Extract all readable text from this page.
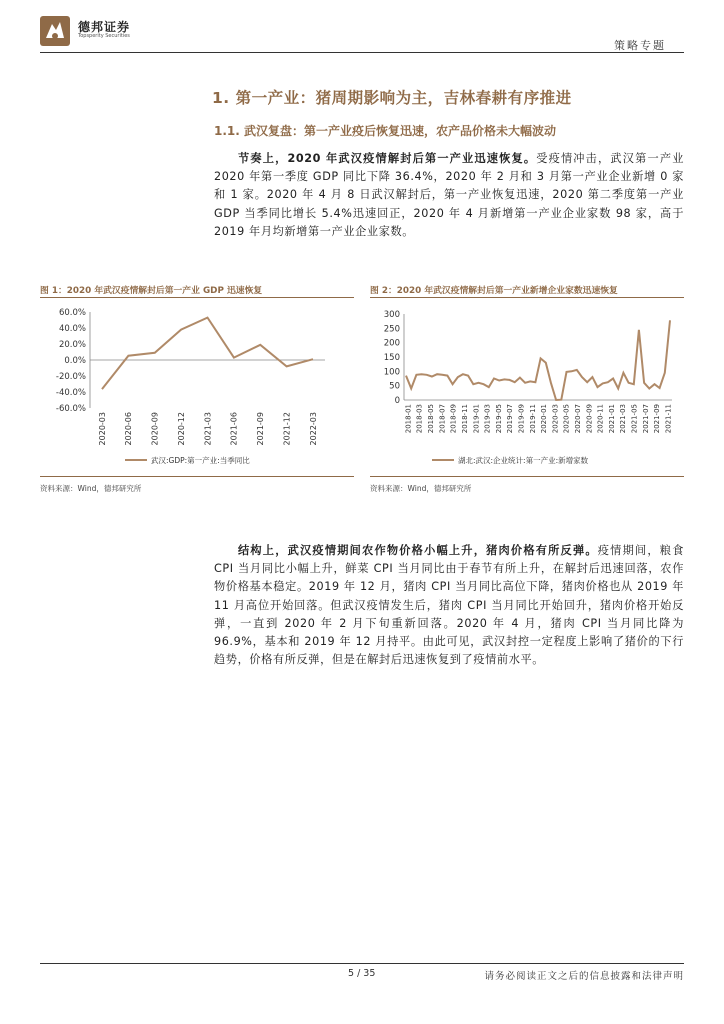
德邦证券
Topsperity Securities
策略专题
1. 第一产业：猪周期影响为主，吉林春耕有序推进
1.1. 武汉复盘：第一产业疫后恢复迅速，农产品价格未大幅波动
节奏上，2020 年武汉疫情解封后第一产业迅速恢复。受疫情冲击，武汉第一产业 2020 年第一季度 GDP 同比下降 36.4%，2020 年 2 月和 3 月第一产业企业新增 0 家和 1 家。2020 年 4 月 8 日武汉解封后，第一产业恢复迅速，2020 第二季度第一产业 GDP 当季同比增长 5.4%迅速回正，2020 年 4 月新增第一产业企业家数 98 家，高于 2019 年月均新增第一产业企业家数。
图 1：2020 年武汉疫情解封后第一产业 GDP 迅速恢复
60.0%
40.0%
20.0%
0.0%
-20.0%
-40.0%
-60.0%
2020-03 2020-06 2020-09 2020-12 2021-03 2021-06 2021-09 2021-12 2022-03
武汉:GDP:第一产业:当季同比
资料来源：Wind，德邦研究所
图 2：2020 年武汉疫情解封后第一产业新增企业家数迅速恢复
300
250
200
150
100
50
0
2018-01 2018-03 2018-05 2018-07 2018-09 2018-11 2019-01 2019-03 2019-05 2019-07 2019-09 2019-11 2020-01 2020-03 2020-05 2020-07 2020-09 2020-11 2021-01 2021-03 2021-05 2021-07 2021-09 2021-11
湖北:武汉:企业统计:第一产业:新增家数
资料来源：Wind，德邦研究所
结构上，武汉疫情期间农作物价格小幅上升，猪肉价格有所反弹。疫情期间，粮食 CPI 当月同比小幅上升，鲜菜 CPI 当月同比由于春节有所上升，在解封后迅速回落，农作物价格基本稳定。2019 年 12 月，猪肉 CPI 当月同比高位下降，猪肉价格也从 2019 年 11 月高位开始回落。但武汉疫情发生后，猪肉 CPI 当月同比开始回升，猪肉价格开始反弹，一直到 2020 年 2 月下旬重新回落。2020 年 4 月，猪肉 CPI 当月同比降为 96.9%，基本和 2019 年 12 月持平。由此可见，武汉封控一定程度上影响了猪价的下行趋势，价格有所反弹，但是在解封后迅速恢复到了疫情前水平。
5 / 35	请务必阅读正文之后的信息披露和法律声明
